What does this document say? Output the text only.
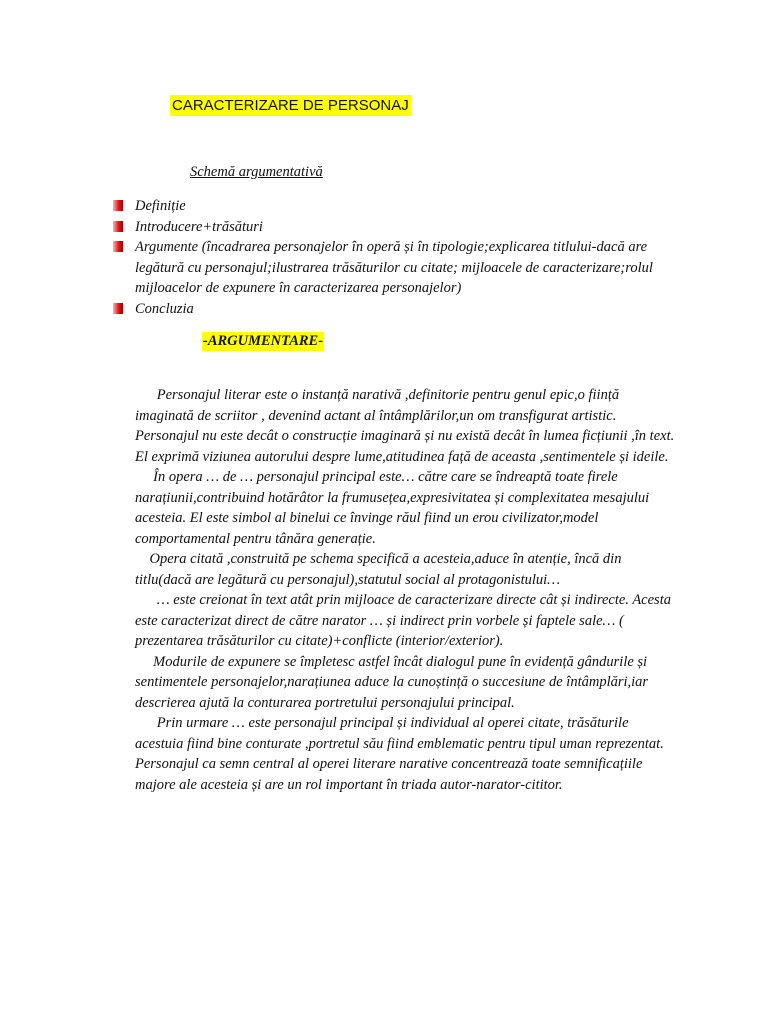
CARACTERIZARE DE PERSONAJ
Schemă argumentativă
Definiție
Introducere+trăsături
Argumente (încadrarea personajelor în operă și în tipologie;explicarea titlului-dacă are legătură cu personajul;ilustrarea trăsăturilor cu citate; mijloacele de caracterizare;rolul mijloacelor de expunere în caracterizarea personajelor)
Concluzia
-ARGUMENTARE-

Personajul literar este o instanță narativă ,definitorie pentru genul epic,o ființă imaginată de scriitor , devenind actant al întâmplărilor,un om transfigurat artistic. Personajul nu este decât o construcție imaginară și nu există decât în lumea ficțiunii ,în text. El exprimă viziunea autorului despre lume,atitudinea față de aceasta ,sentimentele și ideile.

În opera … de … personajul principal este… către care se îndreaptă toate firele narațiunii,contribuind hotărâtor la frumusețea,expresivitatea și complexitatea mesajului acesteia. El este simbol al binelui ce învinge răul fiind un erou civilizator,model comportamental pentru tânăra generație.

Opera citată ,construită pe schema specifică a acesteia,aduce în atenție, încă din titlu(dacă are legătură cu personajul),statutul social al protagonistului…

… este creionat în text atât prin mijloace de caracterizare directe cât și indirecte. Acesta este caracterizat direct de către narator … și indirect prin vorbele și faptele sale… ( prezentarea trăsăturilor cu citate)+conflicte (interior/exterior).

Modurile de expunere se împletesc astfel încât dialogul pune în evidență gândurile și sentimentele personajelor,narațiunea aduce la cunoștință o succesiune de întâmplări,iar descrierea ajută la conturarea portretului personajului principal.

Prin urmare … este personajul principal și individual al operei citate, trăsăturile acestuia fiind bine conturate ,portretul său fiind emblematic pentru tipul uman reprezentat. Personajul ca semn central al operei literare narative concentrează toate semnificațiile majore ale acesteia și are un rol important în triada autor-narator-cititor.
